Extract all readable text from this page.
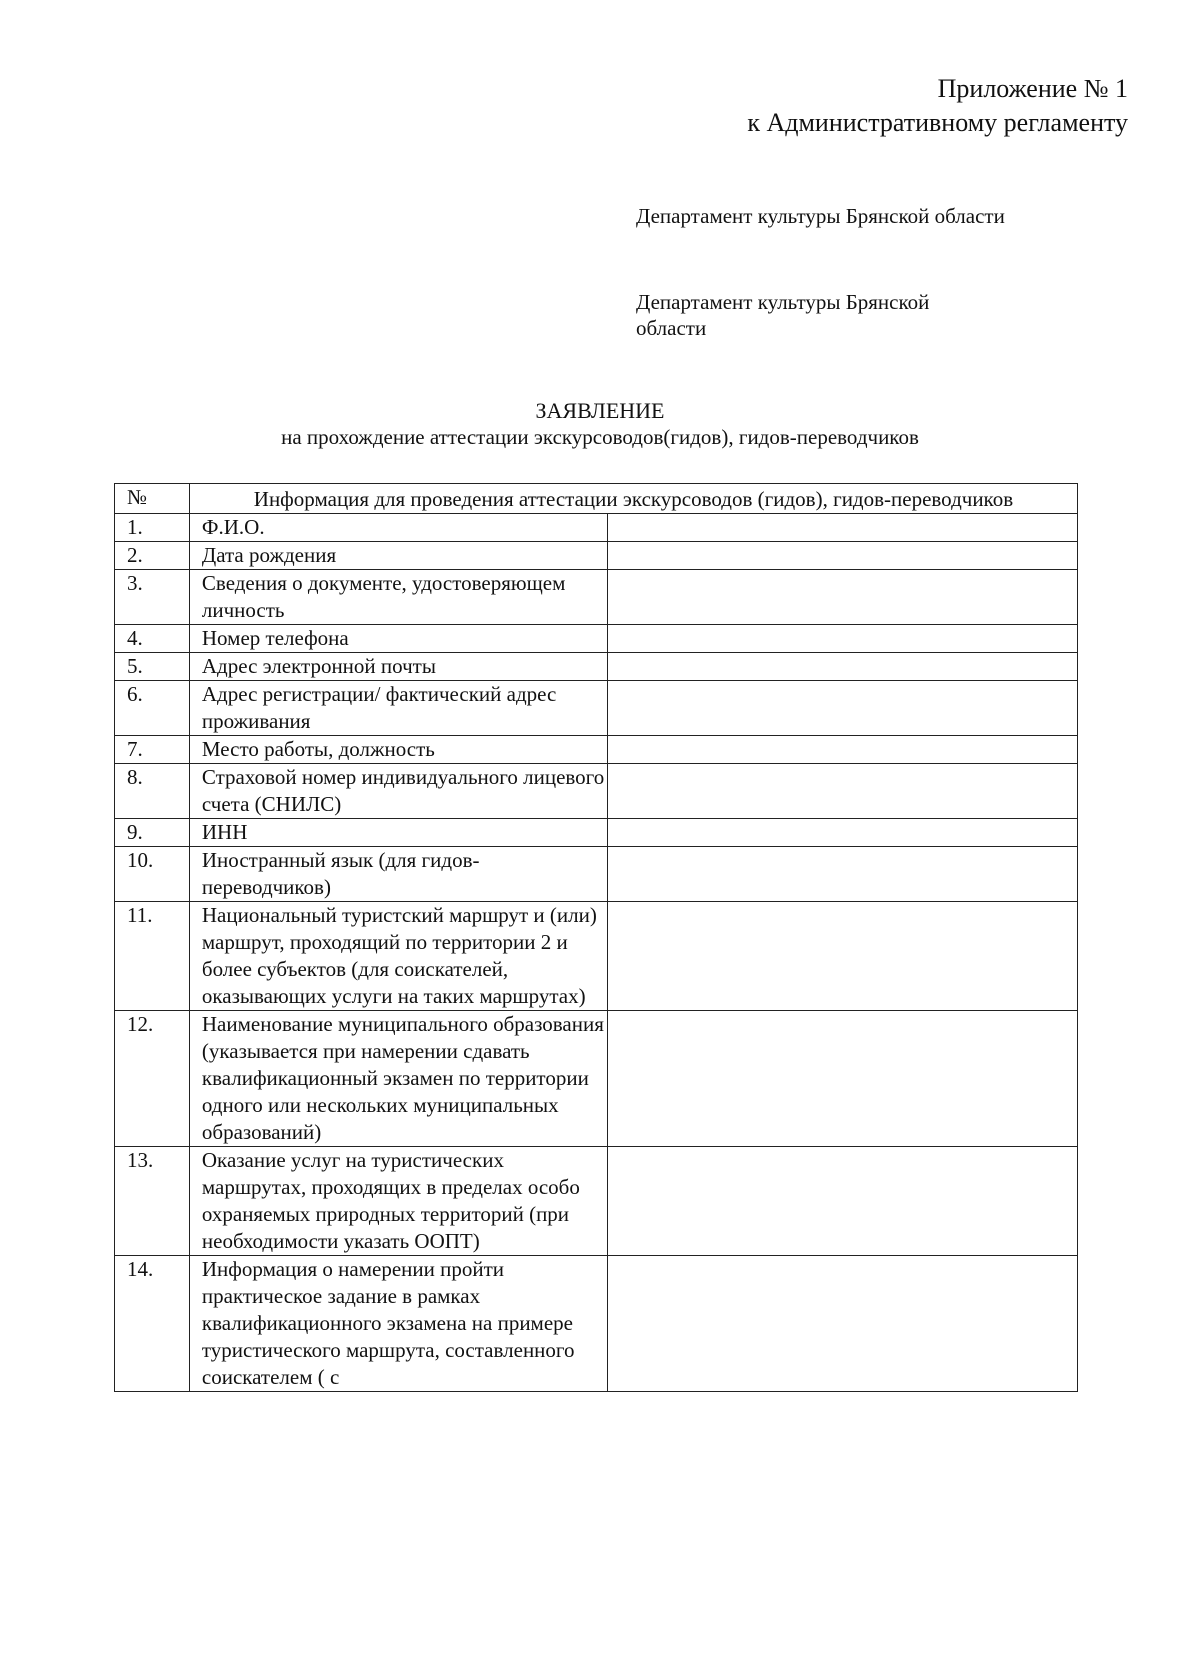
Приложение № 1
к Административному регламенту
Департамент культуры Брянской области
Департамент культуры Брянской области
ЗАЯВЛЕНИЕ
на прохождение аттестации экскурсоводов(гидов), гидов-переводчиков
№	Информация для проведения аттестации экскурсоводов (гидов), гидов-переводчиков	
1.	Ф.И.О.	
2.	Дата рождения	
3.	Сведения о документе, удостоверяющем личность	
4.	Номер телефона	
5.	Адрес электронной почты	
6.	Адрес регистрации/ фактический адрес проживания	
7.	Место работы, должность	
8.	Страховой номер индивидуального лицевого счета (СНИЛС)	
9.	ИНН	
10.	Иностранный язык (для гидов-переводчиков)	
11.	Национальный туристский маршрут и (или) маршрут, проходящий по территории 2 и более субъектов (для соискателей, оказывающих услуги на таких маршрутах)	
12.	Наименование муниципального образования (указывается при намерении сдавать квалификационный экзамен по территории одного или нескольких муниципальных образований)	
13.	Оказание услуг на туристических маршрутах, проходящих в пределах особо охраняемых природных территорий (при необходимости указать ООПТ)	
14.	Информация о намерении пройти практическое задание в рамках квалификационного экзамена на примере туристического маршрута, составленного соискателем ( с	
